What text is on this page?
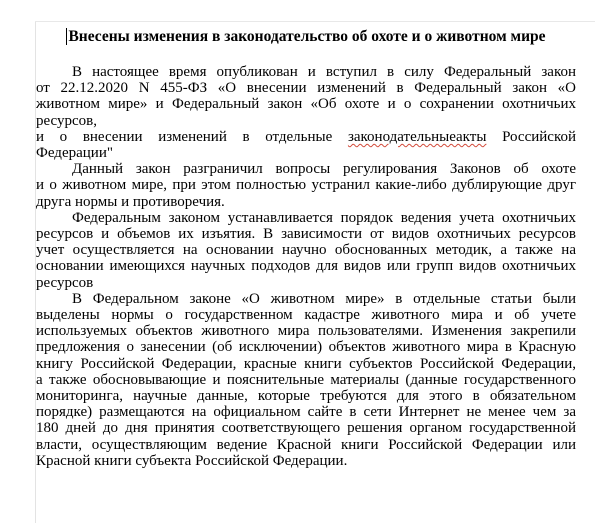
Внесены изменения в законодательство об охоте и о животном мире

В настоящее время опубликован и вступил в силу Федеральный закон
от 22.12.2020 N 455-ФЗ «О внесении изменений в Федеральный закон «О
животном мире» и Федеральный закон «Об охоте и о сохранении охотничьих
ресурсов,
и о внесении изменений в отдельные законодательныеакты Российской
Федерации"

Данный закон разграничил вопросы регулирования Законов об охоте
и о животном мире, при этом полностью устранил какие-либо дублирующие друг
друга нормы и противоречия.

Федеральным законом устанавливается порядок ведения учета охотничьих
ресурсов и объемов их изъятия. В зависимости от видов охотничьих ресурсов
учет осуществляется на основании научно обоснованных методик, а также на
основании имеющихся научных подходов для видов или групп видов охотничьих
ресурсов

В Федеральном законе «О животном мире» в отдельные статьи были
выделены нормы о государственном кадастре животного мира и об учете
используемых объектов животного мира пользователями. Изменения закрепили
предложения о занесении (об исключении) объектов животного мира в Красную
книгу Российской Федерации, красные книги субъектов Российской Федерации,
а также обосновывающие и пояснительные материалы (данные государственного
мониторинга, научные данные, которые требуются для этого в обязательном
порядке) размещаются на официальном сайте в сети Интернет не менее чем за
180 дней до дня принятия соответствующего решения органом государственной
власти, осуществляющим ведение Красной книги Российской Федерации или
Красной книги субъекта Российской Федерации.
